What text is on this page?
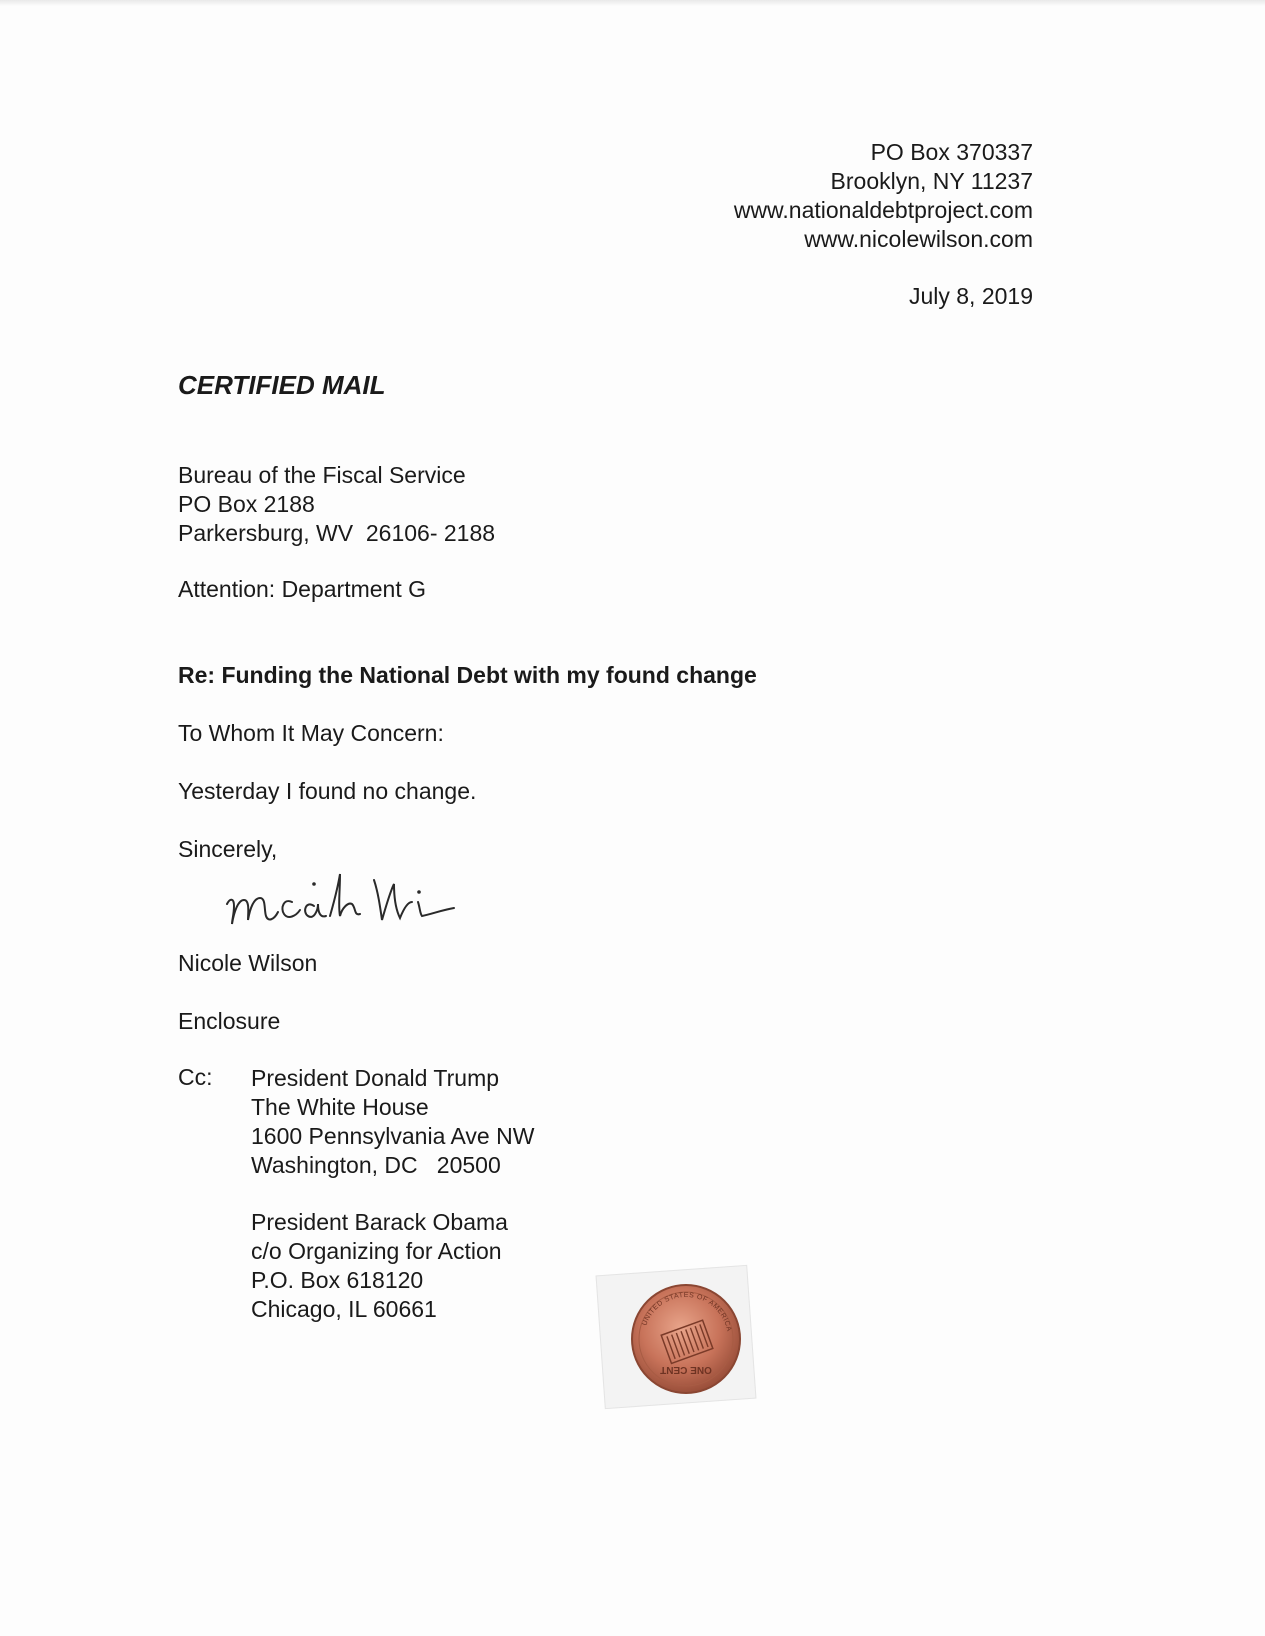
PO Box 370337
Brooklyn, NY 11237
www.nationaldebtproject.com
www.nicolewilson.com
July 8, 2019
CERTIFIED MAIL
Bureau of the Fiscal Service
PO Box 2188
Parkersburg, WV  26106- 2188
Attention: Department G
Re: Funding the National Debt with my found change
To Whom It May Concern:
Yesterday I found no change.
Sincerely,
Nicole Wilson
Enclosure
Cc: President Donald Trump
The White House
1600 Pennsylvania Ave NW
Washington, DC   20500
President Barack Obama
c/o Organizing for Action
P.O. Box 618120
Chicago, IL 60661
UNITED STATES OF AMERICA
ONE CENT
